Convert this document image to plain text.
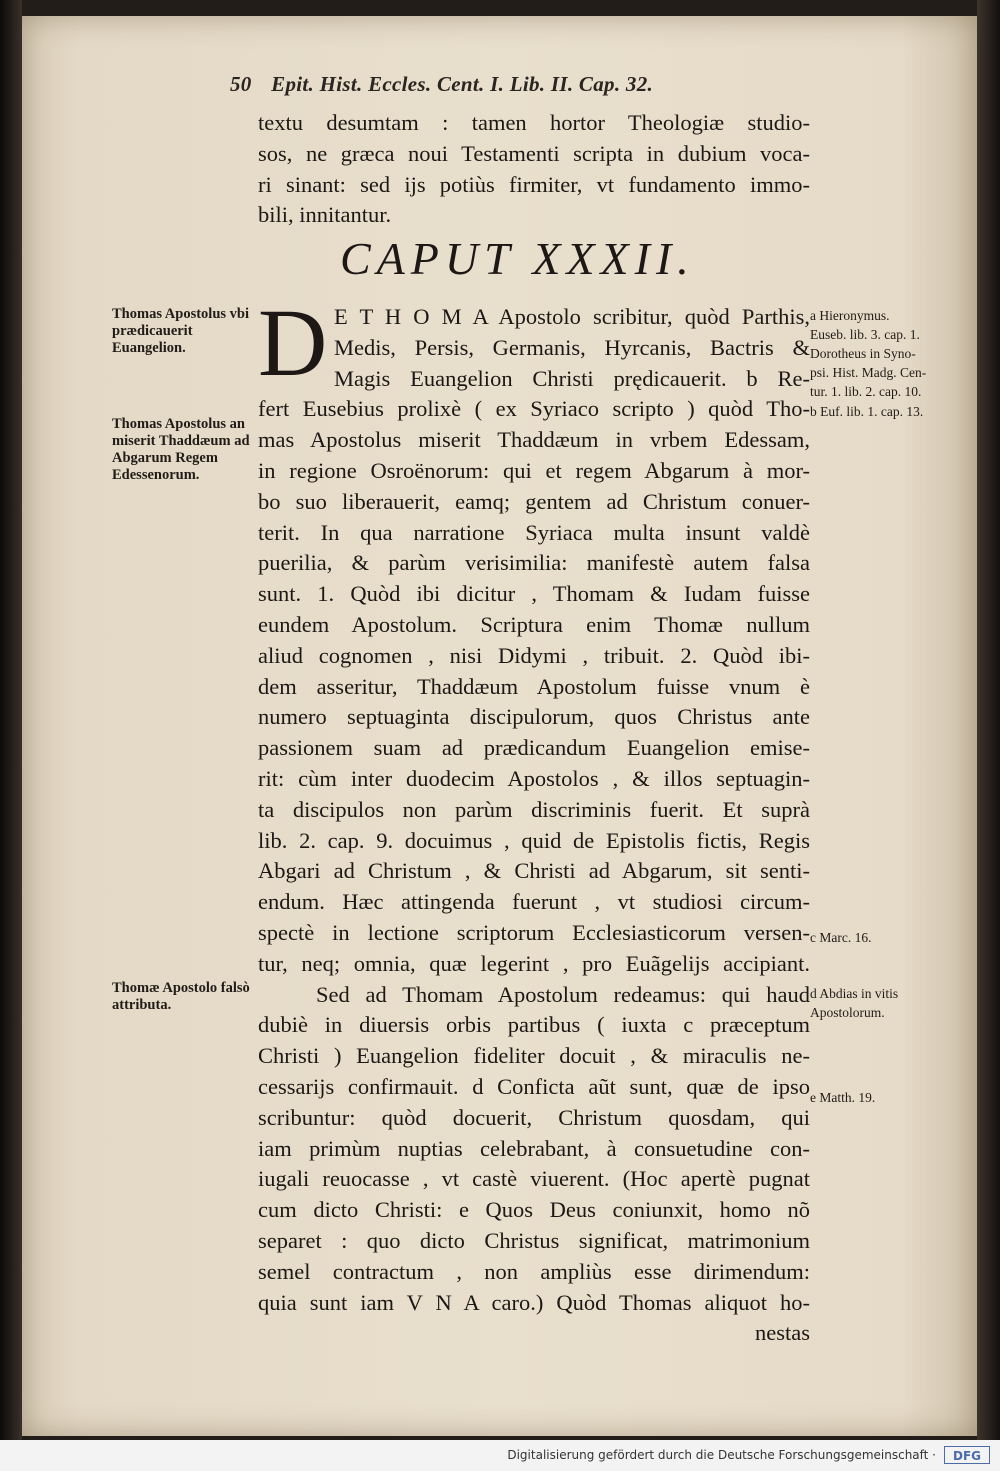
50 Epit. Hist. Eccles. Cent. I. Lib. II. Cap. 32.
textu desumtam : tamen hortor Theologiæ studio-
sos, ne græca noui Testamenti scripta in dubium voca-
ri sinant: sed ijs potiùs firmiter, vt fundamento immo-
bili, innitantur.
CAPUT XXXII.
D E T H O M A Apostolo scribitur, quòd Parthis,
Medis, Persis, Germanis, Hyrcanis, Bactris &
Magis Euangelion Christi prędicauerit. b Re-
fert Eusebius prolixè ( ex Syriaco scripto ) quòd Tho-
mas Apostolus miserit Thaddæum in vrbem Edessam,
in regione Osroënorum: qui et regem Abgarum à mor-
bo suo liberauerit, eamq; gentem ad Christum conuer-
terit. In qua narratione Syriaca multa insunt valdè
puerilia, & parùm verisimilia: manifestè autem falsa
sunt. 1. Quòd ibi dicitur , Thomam & Iudam fuisse
eundem Apostolum. Scriptura enim Thomæ nullum
aliud cognomen , nisi Didymi , tribuit. 2. Quòd ibi-
dem asseritur, Thaddæum Apostolum fuisse vnum è
numero septuaginta discipulorum, quos Christus ante
passionem suam ad prædicandum Euangelion emise-
rit: cùm inter duodecim Apostolos , & illos septuagin-
ta discipulos non parùm discriminis fuerit. Et suprà
lib. 2. cap. 9. docuimus , quid de Epistolis fictis, Regis
Abgari ad Christum , & Christi ad Abgarum, sit senti-
endum. Hæc attingenda fuerunt , vt studiosi circum-
spectè in lectione scriptorum Ecclesiasticorum versen-
tur, neq; omnia, quæ legerint , pro Euãgelijs accipiant.
Sed ad Thomam Apostolum redeamus: qui haud
dubiè in diuersis orbis partibus ( iuxta c præceptum
Christi ) Euangelion fideliter docuit , & miraculis ne-
cessarijs confirmauit. d Conficta aũt sunt, quæ de ipso
scribuntur: quòd docuerit, Christum quosdam, qui
iam primùm nuptias celebrabant, à consuetudine con-
iugali reuocasse , vt castè viuerent. (Hoc apertè pugnat
cum dicto Christi: e Quos Deus coniunxit, homo nõ
separet : quo dicto Christus significat, matrimonium
semel contractum , non ampliùs esse dirimendum:
quia sunt iam V N A caro.) Quòd Thomas aliquot ho-
nestas
Thomas Apostolus vbi prædicauerit Euangelion.
Thomas Apostolus an miserit Thaddæum ad Abgarum Regem Edessenorum.
Thomæ Apostolo falsò attributa.
a Hieronymus.
Euseb. lib. 3. cap. 1.
Dorotheus in Syno-
psi. Hist. Madg. Cen-
tur. 1. lib. 2. cap. 10.
b Euf. lib. 1. cap. 13.
c Marc. 16.
d Abdias in vitis
Apostolorum.
e Matth. 19.
Digitalisierung gefördert durch die Deutsche Forschungsgemeinschaft ·	DFG
